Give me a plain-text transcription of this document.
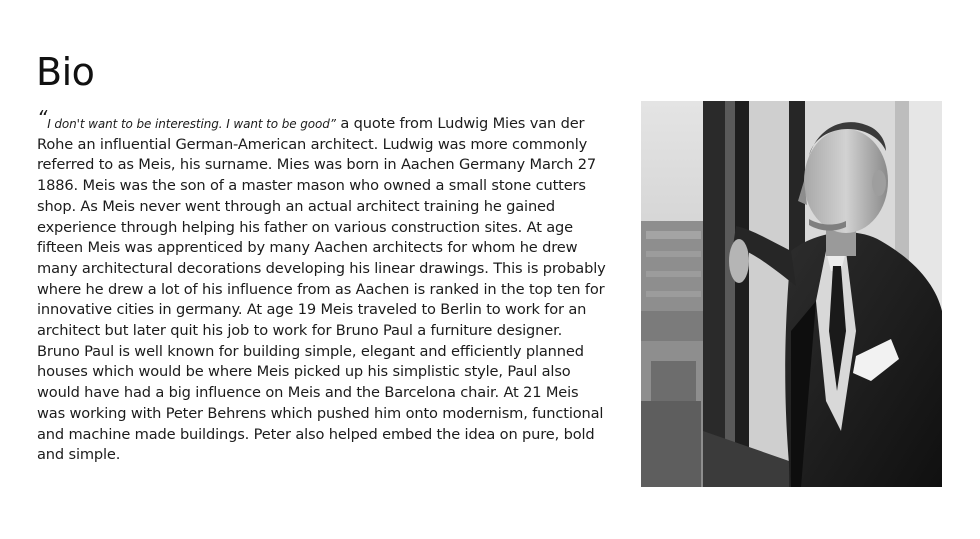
Bio

“I don't want to be interesting. I want to be good” a quote from Ludwig Mies van der Rohe an influential German-American architect. Ludwig was more commonly referred to as Meis, his surname. Mies was born in Aachen Germany March 27 1886. Meis was the son of a master mason who owned a small stone cutters shop. As Meis never went through an actual architect training he gained experience through helping his father on various construction sites. At age fifteen Meis was apprenticed by many Aachen architects for whom he drew many architectural decorations developing his linear drawings. This is probably where he drew a lot of his influence from as Aachen is ranked in the top ten for innovative cities in germany. At age 19 Meis traveled to Berlin to work for an architect but later quit his job to work for Bruno Paul a furniture designer. Bruno Paul is well known for building simple, elegant and efficiently planned houses which would be where Meis picked up his simplistic style, Paul also would have had a big influence on Meis and the Barcelona chair. At 21 Meis was working with Peter Behrens which pushed him onto modernism, functional and machine made buildings. Peter also helped embed the idea on pure, bold and simple.
